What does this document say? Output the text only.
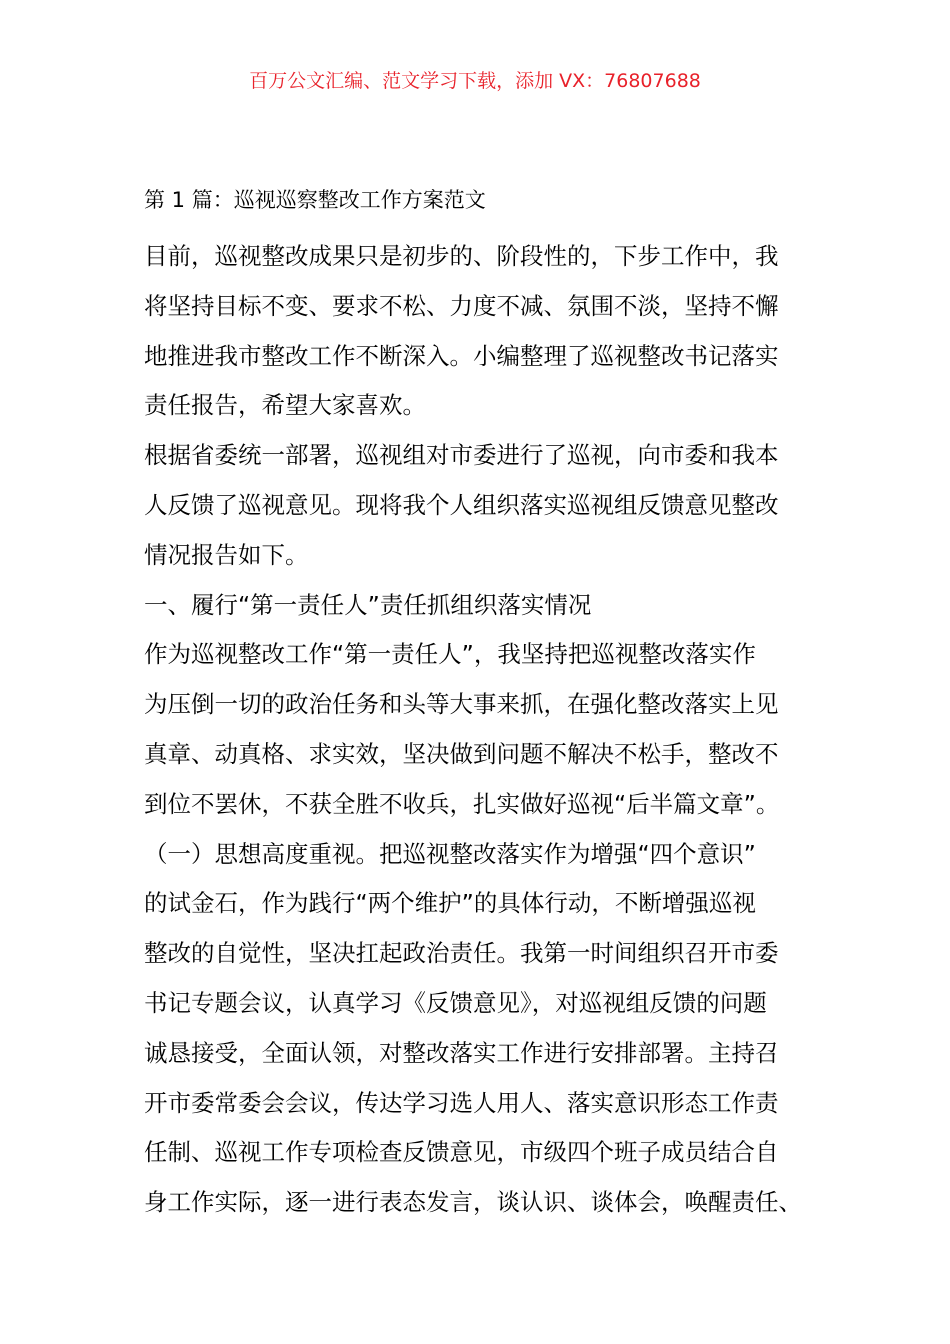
百万公文汇编、范文学习下载，添加 VX：76807688
第 1 篇：巡视巡察整改工作方案范文
目前，巡视整改成果只是初步的、阶段性的，下步工作中，我
将坚持目标不变、要求不松、力度不减、氛围不淡，坚持不懈
地推进我市整改工作不断深入。小编整理了巡视整改书记落实
责任报告，希望大家喜欢。
根据省委统一部署，巡视组对市委进行了巡视，向市委和我本
人反馈了巡视意见。现将我个人组织落实巡视组反馈意见整改
情况报告如下。
一、履行“第一责任人”责任抓组织落实情况
作为巡视整改工作“第一责任人”，我坚持把巡视整改落实作
为压倒一切的政治任务和头等大事来抓，在强化整改落实上见
真章、动真格、求实效，坚决做到问题不解决不松手，整改不
到位不罢休，不获全胜不收兵，扎实做好巡视“后半篇文章”。
（一）思想高度重视。把巡视整改落实作为增强“四个意识”
的试金石，作为践行“两个维护”的具体行动，不断增强巡视
整改的自觉性，坚决扛起政治责任。我第一时间组织召开市委
书记专题会议，认真学习《反馈意见》，对巡视组反馈的问题
诚恳接受，全面认领，对整改落实工作进行安排部署。主持召
开市委常委会会议，传达学习选人用人、落实意识形态工作责
任制、巡视工作专项检查反馈意见，市级四个班子成员结合自
身工作实际，逐一进行表态发言，谈认识、谈体会，唤醒责任、
